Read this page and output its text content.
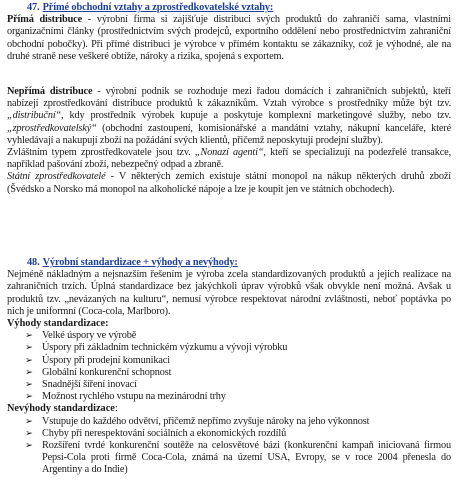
47. Přímé obchodní vztahy a zprostředkovatelské vztahy:

Přímá distribuce - výrobní firma si zajišťuje distribuci svých produktů do zahraničí sama, vlastními organizačními články (prostřednictvím svých prodejců, exportního oddělení nebo prostřednictvím zahraniční obchodní pobočky). Při přímé distribuci je výrobce v přímém kontaktu se zákazníky, což je výhodné, ale na druhé straně nese veškeré obtíže, nároky a rizika, spojená s exportem.

Nepřímá distribuce - výrobní podnik se rozhoduje mezi řadou domácích i zahraničních subjektů, kteří nabízejí zprostředkování distribuce produktů k zákazníkům. Vztah výrobce s prostředníky může být tzv. „distribuční“, kdy prostředník výrobek kupuje a poskytuje komplexní marketingové služby, nebo tzv. „zprostředkovatelský“ (obchodní zastoupení, komisionářské a mandátní vztahy, nákupní kanceláře, které vyhledávají a nakupují zboží na požádání svých klientů, přičemž neposkytují prodejní služby).

Zvláštním typem zprostředkovatele jsou tzv. „Nonazí agenti“, kteří se specializují na podezřelé transakce, například pašování zboží, nebezpečný odpad a zbraně.

Státní zprostředkovatelé - V některých zemích existuje státní monopol na nákup některých druhů zboží (Švédsko a Norsko má monopol na alkoholické nápoje a lze je koupit jen ve státních obchodech).

48. Výrobní standardizace + výhody a nevýhody:

Nejméně nákladným a nejsnazším řešením je výroba zcela standardizovaných produktů a jejich realizace na zahraničních trzích. Úplná standardizace bez jakýchkoli úprav výrobků však obvykle není možná. Avšak u produktů tzv. „nevázaných na kulturu“, nemusí výrobce respektovat národní zvláštnosti, neboť poptávka po nich je uniformní (Coca-cola, Marlboro).

Výhody standardizace:
➢ Velké úspory ve výrobě
➢ Úspory při základním technickém výzkumu a vývoji výrobku
➢ Úspory při prodejní komunikaci
➢ Globální konkurenční schopnost
➢ Snadnější šíření inovací
➢ Možnost rychlého vstupu na mezinárodní trhy
Nevýhody standardizace:
➢ Vstupuje do každého odvětví, přičemž nepřímo zvyšuje nároky na jeho výkonnost
➢ Chyby při nerespektování sociálních a ekonomických rozdílů
➢ Rozšíření tvrdé konkurenční soutěže na celosvětové bázi (konkurenční kampaň iniciovaná firmou Pepsi-Cola proti firmě Coca-Cola, známá na území USA, Evropy, se v roce 2004 přenesla do Argentiny a do Indie)
